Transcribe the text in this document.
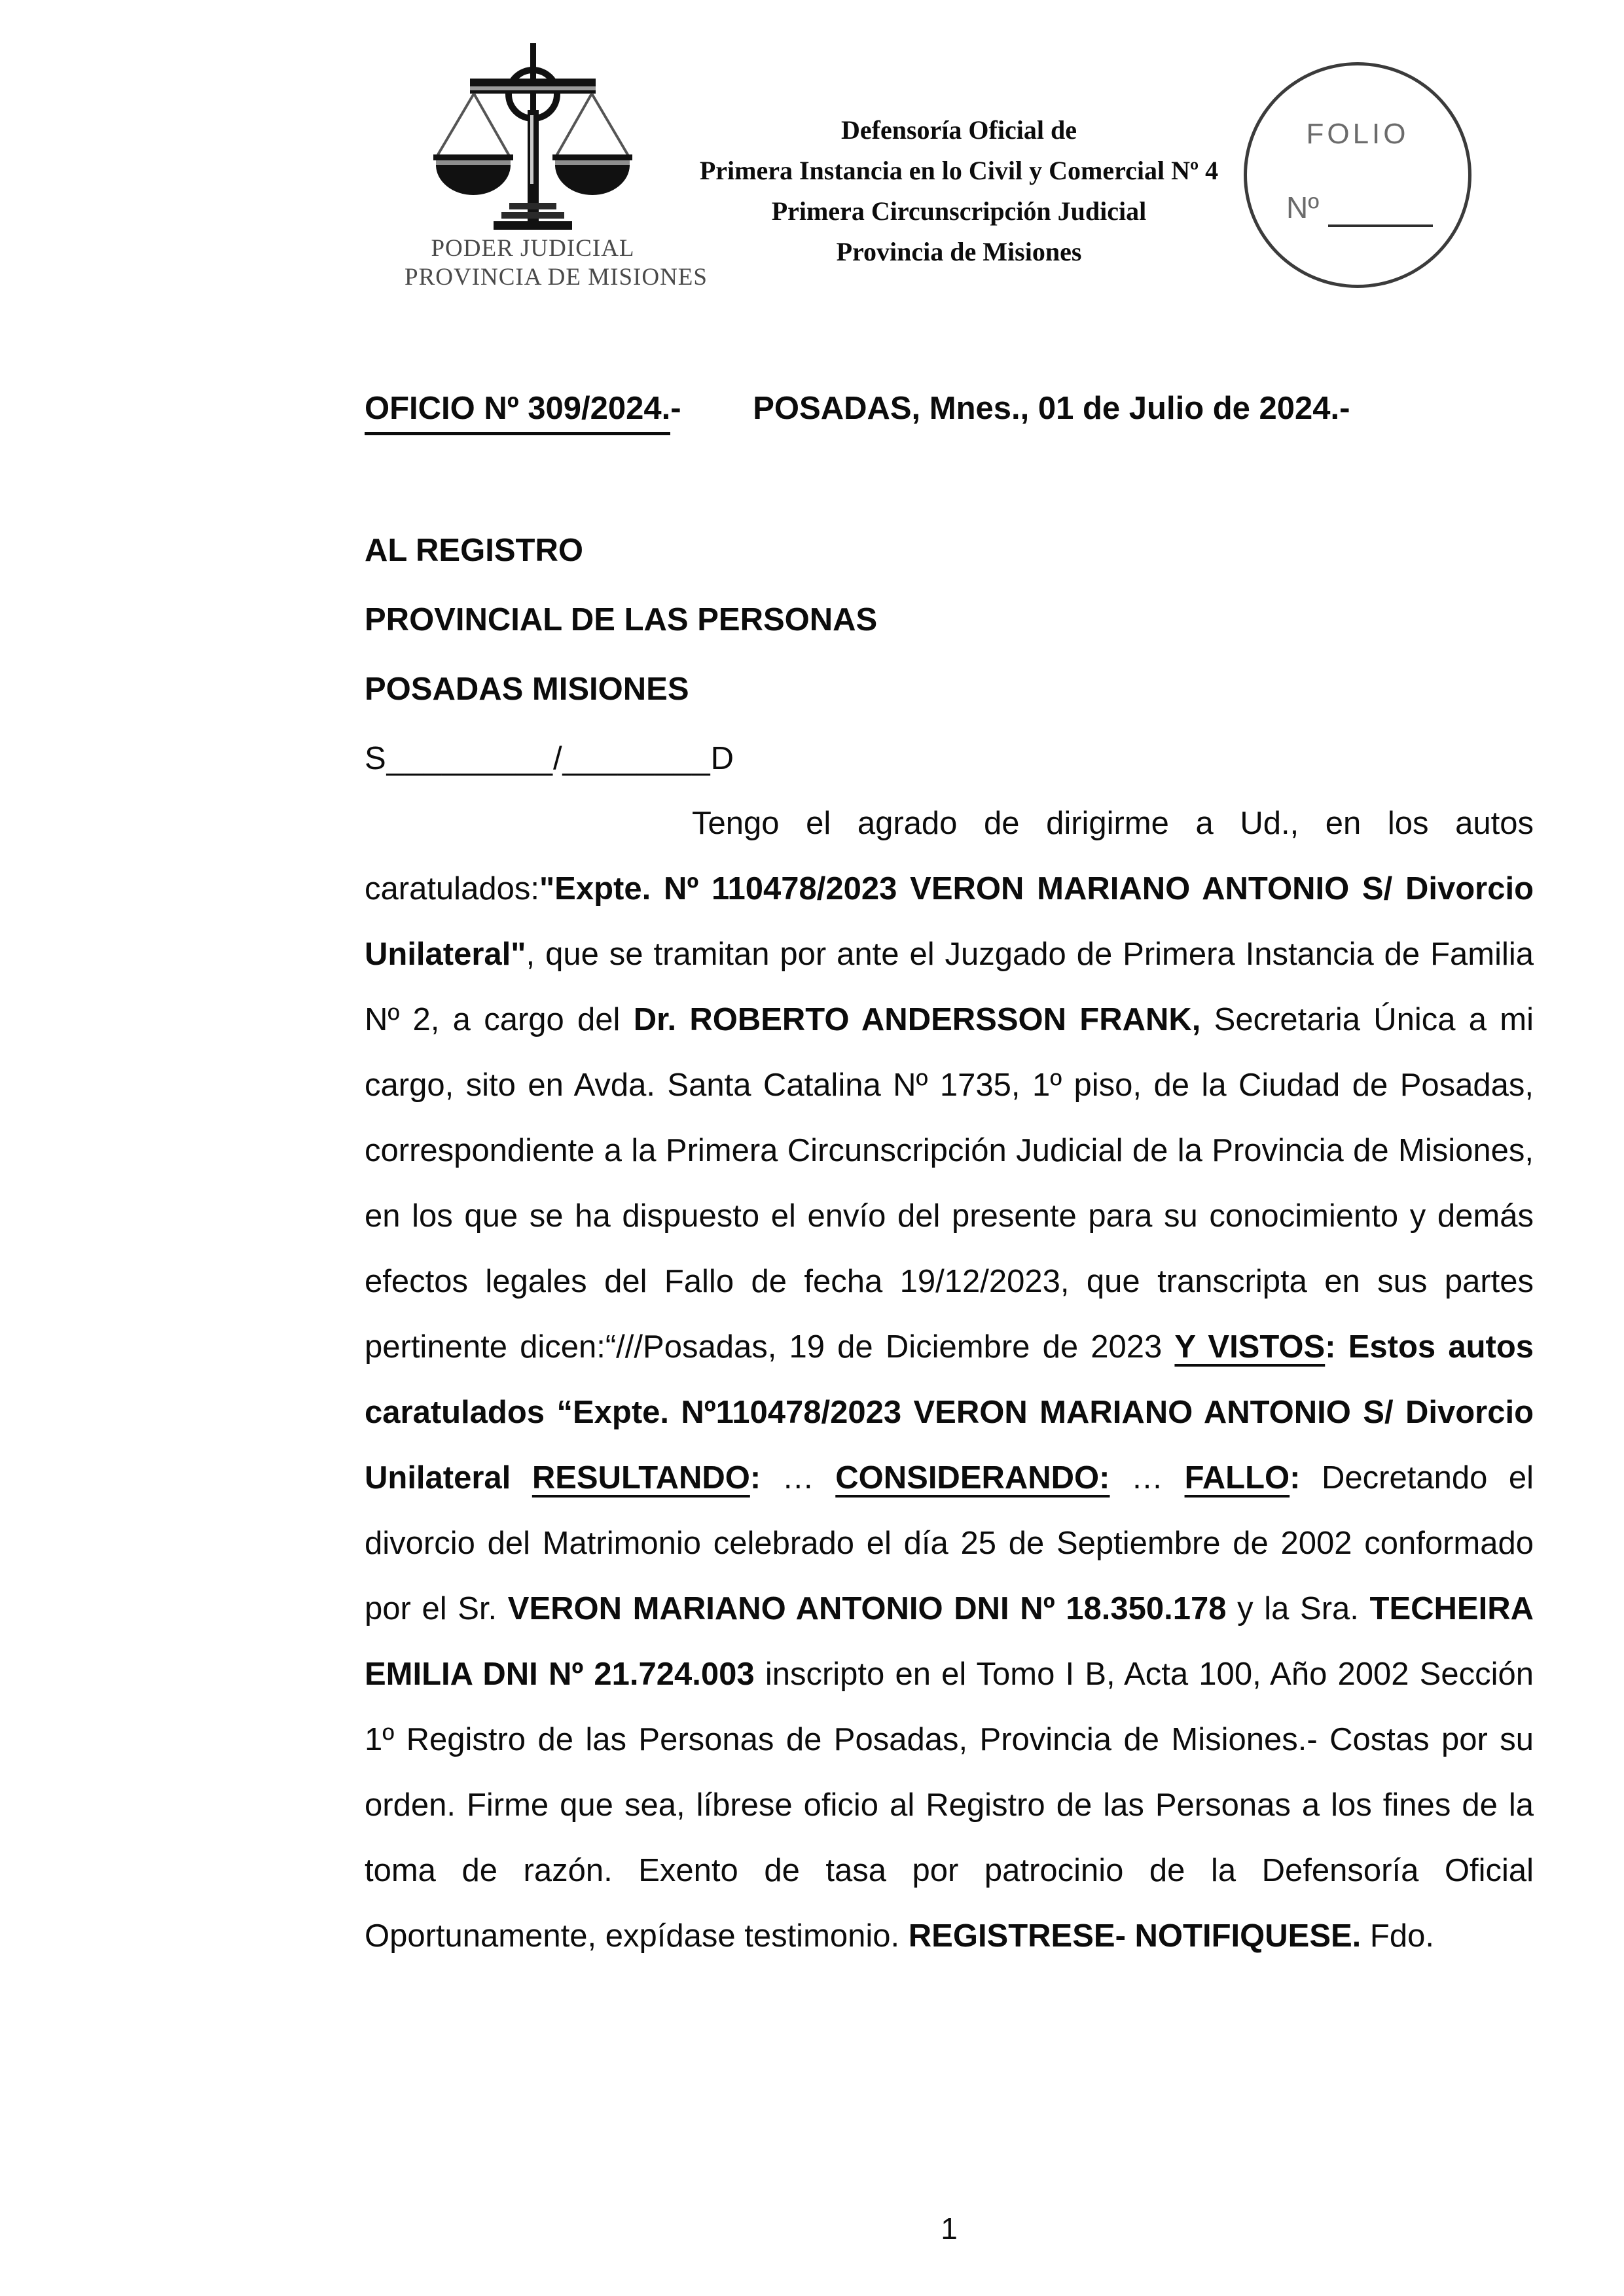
PODER JUDICIAL
PROVINCIA DE MISIONES
Defensoría Oficial de
Primera Instancia en lo Civil y Comercial Nº 4
Primera Circunscripción Judicial
Provincia de Misiones
FOLIO
Nº
OFICIO Nº 309/2024.- POSADAS, Mnes., 01 de Julio de 2024.-
AL REGISTRO
PROVINCIAL DE LAS PERSONAS
POSADAS MISIONES
S_________/________D
Tengo el agrado de dirigirme a Ud., en los autos caratulados:"Expte. Nº 110478/2023 VERON MARIANO ANTONIO S/ Divorcio Unilateral", que se tramitan por ante el Juzgado de Primera Instancia de Familia Nº 2, a cargo del Dr. ROBERTO ANDERSSON FRANK, Secretaria Única a mi cargo, sito en Avda. Santa Catalina Nº 1735, 1º piso, de la Ciudad de Posadas, correspondiente a la Primera Circunscripción Judicial de la Provincia de Misiones, en los que se ha dispuesto el envío del presente para su conocimiento y demás efectos legales del Fallo de fecha 19/12/2023, que transcripta en sus partes pertinente dicen:“///Posadas, 19 de Diciembre de 2023 Y VISTOS: Estos autos caratulados “Expte. Nº110478/2023 VERON MARIANO ANTONIO S/ Divorcio Unilateral RESULTANDO: … CONSIDERANDO: … FALLO: Decretando el divorcio del Matrimonio celebrado el día 25 de Septiembre de 2002 conformado por el Sr. VERON MARIANO ANTONIO DNI Nº 18.350.178 y la Sra. TECHEIRA EMILIA DNI Nº 21.724.003 inscripto en el Tomo I B, Acta 100, Año 2002 Sección 1º Registro de las Personas de Posadas, Provincia de Misiones.- Costas por su orden. Firme que sea, líbrese oficio al Registro de las Personas a los fines de la toma de razón. Exento de tasa por patrocinio de la Defensoría Oficial Oportunamente, expídase testimonio. REGISTRESE- NOTIFIQUESE. Fdo.
1
